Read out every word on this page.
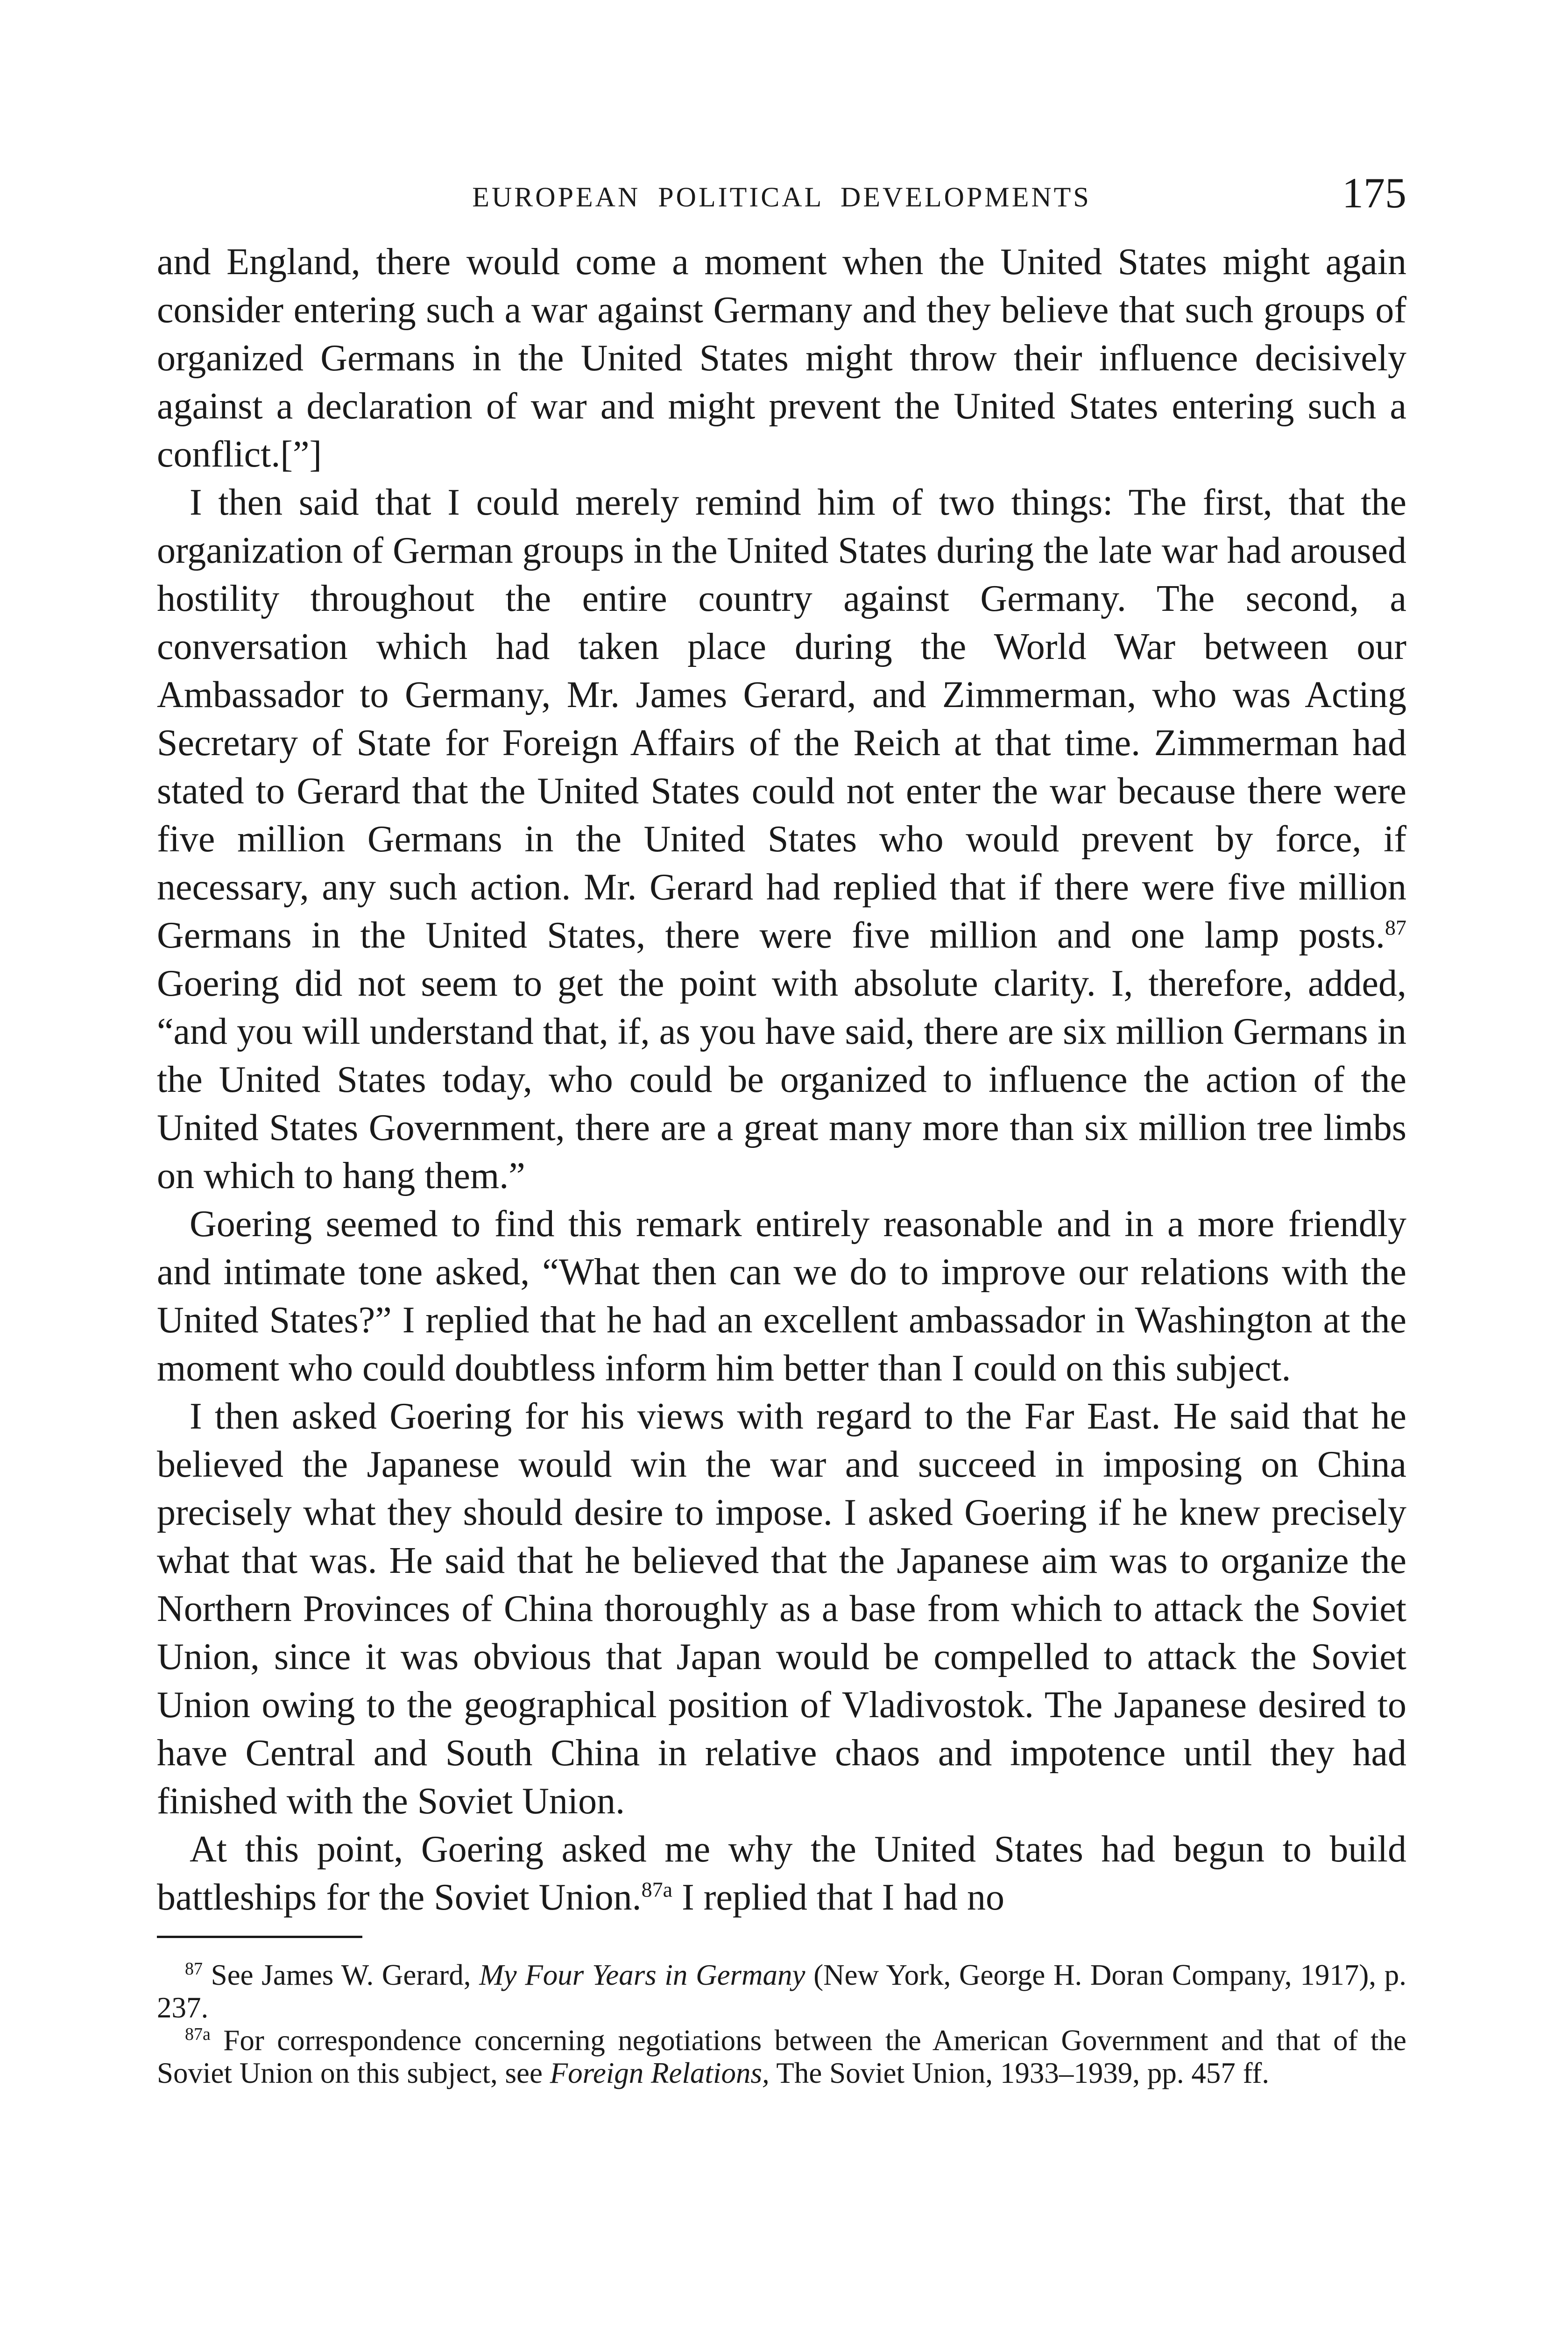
EUROPEAN POLITICAL DEVELOPMENTS	175

and England, there would come a moment when the United States might again consider entering such a war against Germany and they believe that such groups of organized Germans in the United States might throw their influence decisively against a declaration of war and might prevent the United States entering such a conflict.[”]

I then said that I could merely remind him of two things: The first, that the organization of German groups in the United States during the late war had aroused hostility throughout the entire country against Germany. The second, a conversation which had taken place during the World War between our Ambassador to Germany, Mr. James Gerard, and Zimmerman, who was Acting Secretary of State for Foreign Affairs of the Reich at that time. Zimmerman had stated to Gerard that the United States could not enter the war because there were five million Germans in the United States who would prevent by force, if necessary, any such action. Mr. Gerard had replied that if there were five million Germans in the United States, there were five million and one lamp posts.$^{87}$ Goering did not seem to get the point with absolute clarity. I, therefore, added, “and you will understand that, if, as you have said, there are six million Germans in the United States today, who could be organized to influence the action of the United States Government, there are a great many more than six million tree limbs on which to hang them.”

Goering seemed to find this remark entirely reasonable and in a more friendly and intimate tone asked, “What then can we do to improve our relations with the United States?” I replied that he had an excellent ambassador in Washington at the moment who could doubtless inform him better than I could on this subject.

I then asked Goering for his views with regard to the Far East. He said that he believed the Japanese would win the war and succeed in imposing on China precisely what they should desire to impose. I asked Goering if he knew precisely what that was. He said that he believed that the Japanese aim was to organize the Northern Provinces of China thoroughly as a base from which to attack the Soviet Union, since it was obvious that Japan would be compelled to attack the Soviet Union owing to the geographical position of Vladivostok. The Japanese desired to have Central and South China in relative chaos and impotence until they had finished with the Soviet Union.

At this point, Goering asked me why the United States had begun to build battleships for the Soviet Union.$^{87a}$ I replied that I had no

$^{87}$ See James W. Gerard, My Four Years in Germany (New York, George H. Doran Company, 1917), p. 237.

$^{87a}$ For correspondence concerning negotiations between the American Government and that of the Soviet Union on this subject, see Foreign Relations, The Soviet Union, 1933–1939, pp. 457 ff.
